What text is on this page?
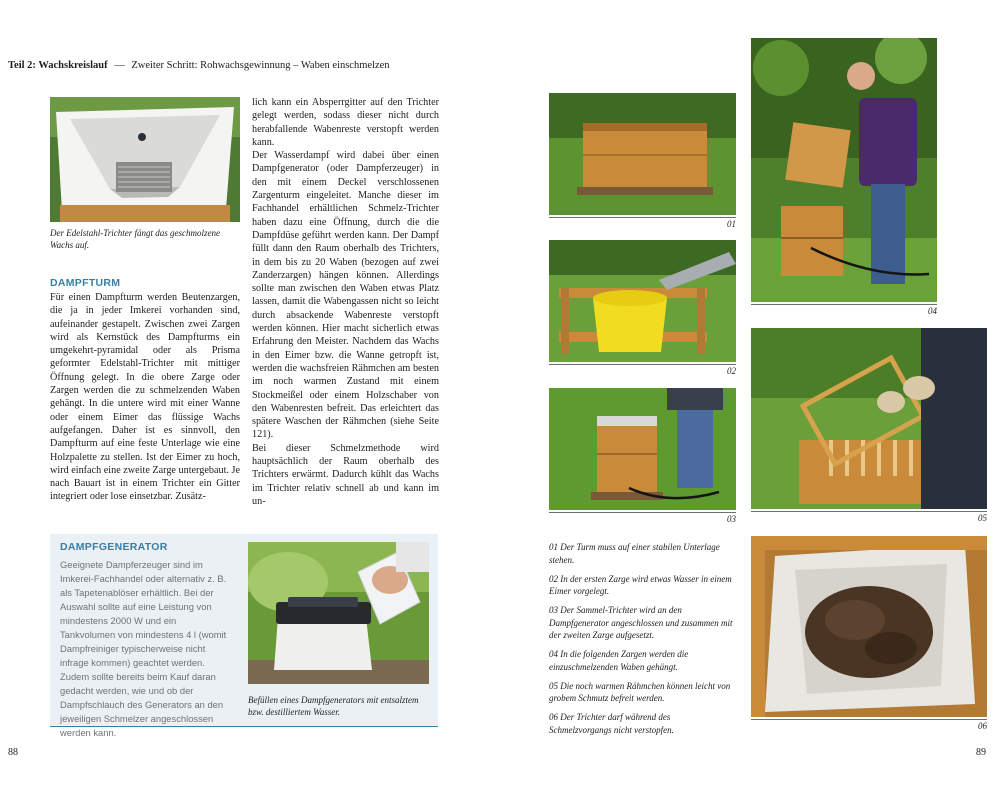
Teil 2: Wachskreislauf — Zweiter Schritt: Rohwachsgewinnung – Waben einschmelzen
Der Edelstahl-Trichter fängt das geschmolzene Wachs auf.
DAMPFTURM

Für einen Dampfturm werden Beutenzargen, die ja in jeder Imkerei vorhanden sind, aufeinander gestapelt. Zwischen zwei Zargen wird als Kernstück des Dampfturms ein umgekehrt-pyramidal oder als Prisma geformter Edelstahl-Trichter mit mittiger Öffnung gelegt. In die obere Zarge oder Zargen werden die zu schmelzenden Waben gehängt. In die untere wird mit einer Wanne oder einem Eimer das flüssige Wachs aufgefangen. Daher ist es sinnvoll, den Dampfturm auf eine feste Unterlage wie eine Holzpalette zu stellen. Ist der Eimer zu hoch, wird einfach eine zweite Zarge untergebaut. Je nach Bauart ist in einem Trichter ein Gitter integriert oder lose einsetzbar. Zusätz-

lich kann ein Absperrgitter auf den Trichter gelegt werden, sodass dieser nicht durch herabfallende Wabenreste verstopft werden kann.

Der Wasserdampf wird dabei über einen Dampfgenerator (oder Dampferzeuger) in den mit einem Deckel verschlossenen Zargenturm eingeleitet. Manche dieser im Fachhandel erhältlichen Schmelz-Trichter haben dazu eine Öffnung, durch die die Dampfdüse geführt werden kann. Der Dampf füllt dann den Raum oberhalb des Trichters, in dem bis zu 20 Waben (bezogen auf zwei Zanderzargen) hängen können. Allerdings sollte man zwischen den Waben etwas Platz lassen, damit die Wabengassen nicht so leicht durch absackende Wabenreste verstopft werden können. Hier macht sicherlich etwas Erfahrung den Meister. Nachdem das Wachs in den Eimer bzw. die Wanne getropft ist, werden die wachsfreien Rähmchen am besten im noch warmen Zustand mit einem Stockmeißel oder einem Holzschaber von den Wabenresten befreit. Das erleichtert das spätere Waschen der Rähmchen (siehe Seite 121).

Bei dieser Schmelzmethode wird hauptsächlich der Raum oberhalb des Trichters erwärmt. Dadurch kühlt das Wachs im Trichter relativ schnell ab und kann im un-

DAMPFGENERATOR
Geeignete Dampferzeuger sind im Imkerei-Fachhandel oder alternativ z. B. als Tapetenablöser erhältlich. Bei der Auswahl sollte auf eine Leistung von mindestens 2000 W und ein Tankvolumen von mindestens 4 l (womit Dampfreiniger typischerweise nicht infrage kommen) geachtet werden. Zudem sollte bereits beim Kauf daran gedacht werden, wie und ob der Dampfschlauch des Generators an den jeweiligen Schmelzer angeschlossen werden kann.
Befüllen eines Dampfgenerators mit entsalztem bzw. destilliertem Wasser.
88
01
02
03
04
05
06
01 Der Turm muss auf einer stabilen Unterlage stehen.
02 In der ersten Zarge wird etwas Wasser in einem Eimer vorgelegt.
03 Der Sammel-Trichter wird an den Dampfgenerator angeschlossen und zusammen mit der zweiten Zarge aufgesetzt.
04 In die folgenden Zargen werden die einzuschmelzenden Waben gehängt.
05 Die noch warmen Rähmchen können leicht von grobem Schmutz befreit werden.
06 Der Trichter darf während des Schmelzvorgangs nicht verstopfen.
89
